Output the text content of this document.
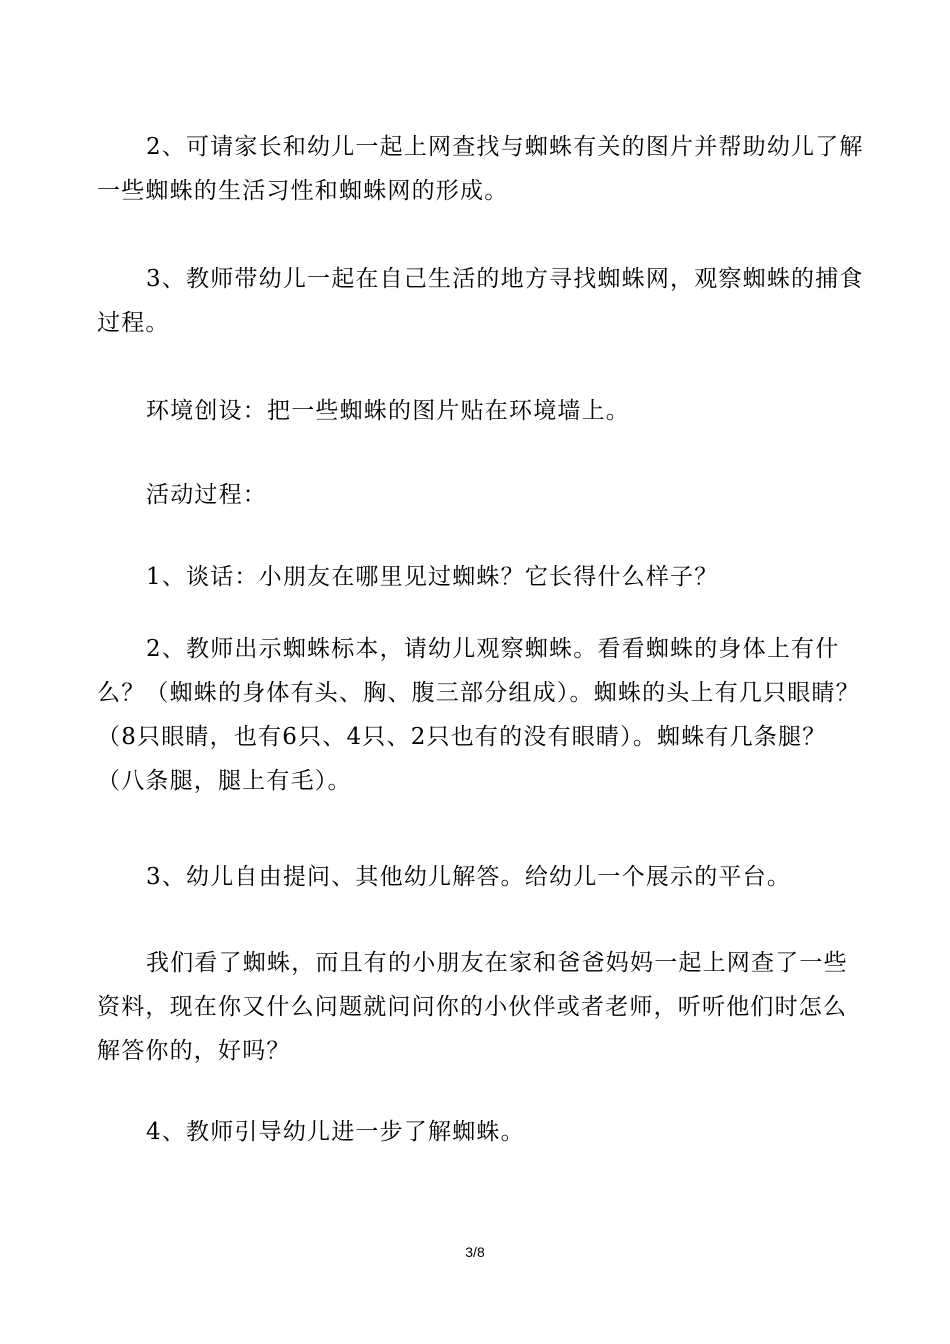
2、可请家长和幼儿一起上网查找与蜘蛛有关的图片并帮助幼儿了解一些蜘蛛的生活习性和蜘蛛网的形成。

3、教师带幼儿一起在自己生活的地方寻找蜘蛛网，观察蜘蛛的捕食过程。

环境创设：把一些蜘蛛的图片贴在环境墙上。

活动过程：

1、谈话：小朋友在哪里见过蜘蛛？它长得什么样子？

2、教师出示蜘蛛标本，请幼儿观察蜘蛛。看看蜘蛛的身体上有什么？（蜘蛛的身体有头、胸、腹三部分组成）。蜘蛛的头上有几只眼睛？（8只眼睛，也有6只、4只、2只也有的没有眼睛）。蜘蛛有几条腿？（八条腿，腿上有毛）。

3、幼儿自由提问、其他幼儿解答。给幼儿一个展示的平台。

我们看了蜘蛛，而且有的小朋友在家和爸爸妈妈一起上网查了一些资料，现在你又什么问题就问问你的小伙伴或者老师，听听他们时怎么解答你的，好吗？

4、教师引导幼儿进一步了解蜘蛛。

3/8
